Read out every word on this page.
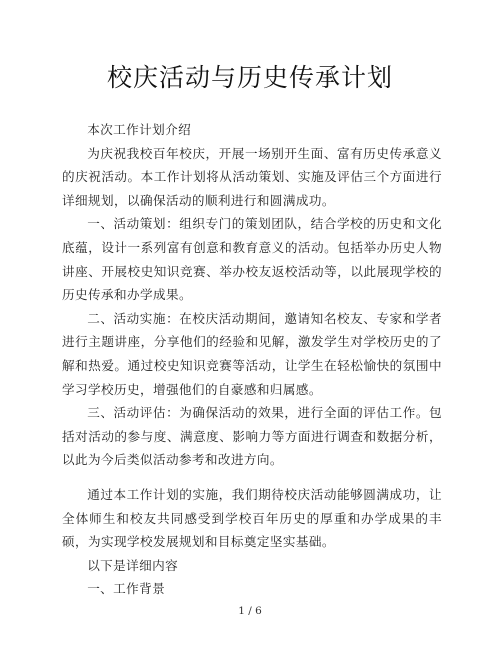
校庆活动与历史传承计划

本次工作计划介绍

为庆祝我校百年校庆，开展一场别开生面、富有历史传承意义的庆祝活动。本工作计划将从活动策划、实施及评估三个方面进行详细规划，以确保活动的顺利进行和圆满成功。

一、活动策划：组织专门的策划团队，结合学校的历史和文化底蕴，设计一系列富有创意和教育意义的活动。包括举办历史人物讲座、开展校史知识竞赛、举办校友返校活动等，以此展现学校的历史传承和办学成果。

二、活动实施：在校庆活动期间，邀请知名校友、专家和学者进行主题讲座，分享他们的经验和见解，激发学生对学校历史的了解和热爱。通过校史知识竞赛等活动，让学生在轻松愉快的氛围中学习学校历史，增强他们的自豪感和归属感。

三、活动评估：为确保活动的效果，进行全面的评估工作。包括对活动的参与度、满意度、影响力等方面进行调查和数据分析，以此为今后类似活动参考和改进方向。

通过本工作计划的实施，我们期待校庆活动能够圆满成功，让全体师生和校友共同感受到学校百年历史的厚重和办学成果的丰硕，为实现学校发展规划和目标奠定坚实基础。

以下是详细内容

一、工作背景

1 / 6
